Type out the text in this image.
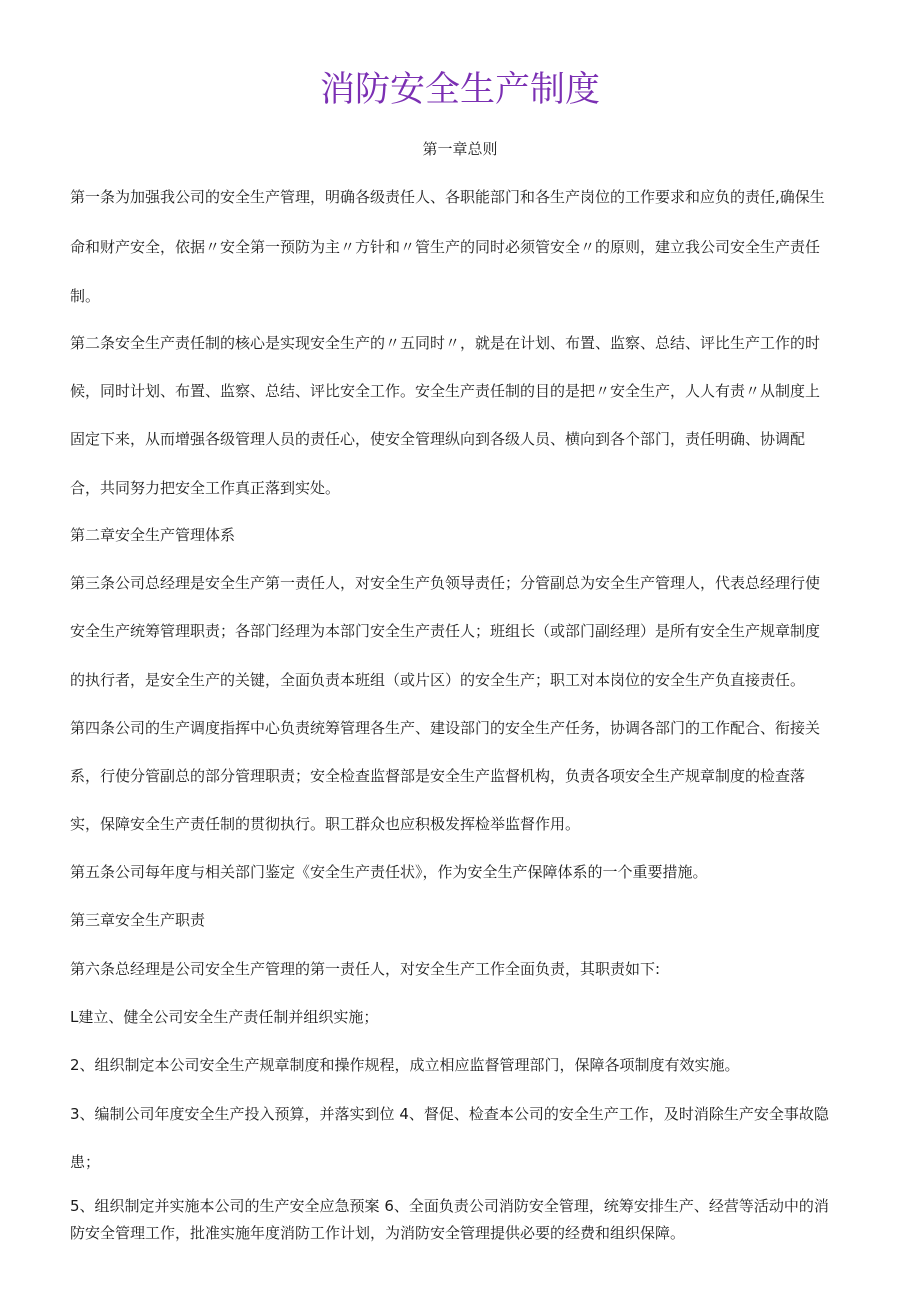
消防安全生产制度

第一章总则

第一条为加强我公司的安全生产管理，明确各级责任人、各职能部门和各生产岗位的工作要求和应负的责任,确保生

命和财产安全，依据〃安全第一预防为主〃方针和〃管生产的同时必须管安全〃的原则，建立我公司安全生产责任

制。

第二条安全生产责任制的核心是实现安全生产的〃五同时〃，就是在计划、布置、监察、总结、评比生产工作的时

候，同时计划、布置、监察、总结、评比安全工作。安全生产责任制的目的是把〃安全生产，人人有责〃从制度上

固定下来，从而增强各级管理人员的责任心，使安全管理纵向到各级人员、横向到各个部门，责任明确、协调配

合，共同努力把安全工作真正落到实处。

第二章安全生产管理体系

第三条公司总经理是安全生产第一责任人，对安全生产负领导责任；分管副总为安全生产管理人，代表总经理行使

安全生产统筹管理职责；各部门经理为本部门安全生产责任人；班组长（或部门副经理）是所有安全生产规章制度

的执行者，是安全生产的关键，全面负责本班组（或片区）的安全生产；职工对本岗位的安全生产负直接责任。

第四条公司的生产调度指挥中心负责统筹管理各生产、建设部门的安全生产任务，协调各部门的工作配合、衔接关

系，行使分管副总的部分管理职责；安全检查监督部是安全生产监督机构，负责各项安全生产规章制度的检查落

实，保障安全生产责任制的贯彻执行。职工群众也应积极发挥检举监督作用。

第五条公司每年度与相关部门鉴定《安全生产责任状》，作为安全生产保障体系的一个重要措施。

第三章安全生产职责

第六条总经理是公司安全生产管理的第一责任人，对安全生产工作全面负责，其职责如下:

L建立、健全公司安全生产责任制并组织实施；

2、组织制定本公司安全生产规章制度和操作规程，成立相应监督管理部门，保障各项制度有效实施。

3、编制公司年度安全生产投入预算，并落实到位 4、督促、检查本公司的安全生产工作，及时消除生产安全事故隐

患；

5、组织制定并实施本公司的生产安全应急预案 6、全面负责公司消防安全管理，统筹安排生产、经营等活动中的消

防安全管理工作，批准实施年度消防工作计划，为消防安全管理提供必要的经费和组织保障。
